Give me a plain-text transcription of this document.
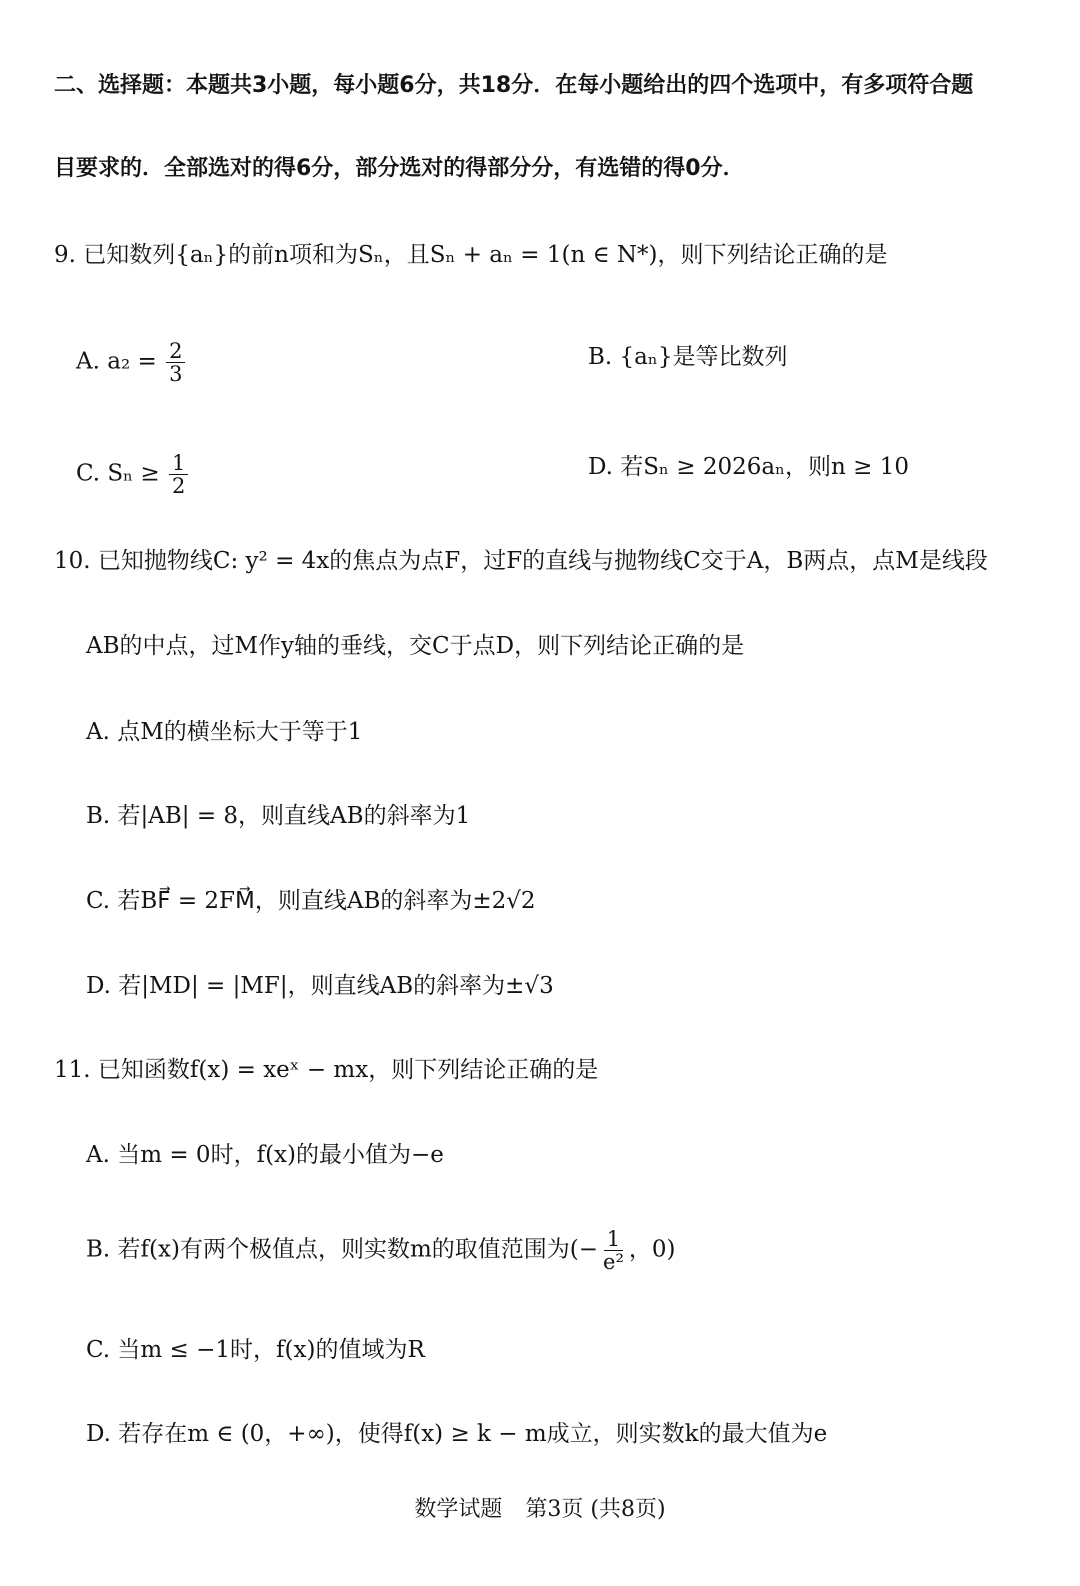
二、选择题：本题共3小题，每小题6分，共18分．在每小题给出的四个选项中，有多项符合题
目要求的．全部选对的得6分，部分选对的得部分分，有选错的得0分．
9. 已知数列{aₙ}的前n项和为Sₙ，且Sₙ + aₙ = 1(n ∈ N*)，则下列结论正确的是
A. $a_2 = \frac{2}{3}$	B. {aₙ}是等比数列
C. $S_n \ge \frac{1}{2}$	D. 若Sₙ ≥ 2026aₙ，则n ≥ 10
10. 已知抛物线C: y² = 4x的焦点为点F，过F的直线与抛物线C交于A，B两点，点M是线段
AB的中点，过M作y轴的垂线，交C于点D，则下列结论正确的是
A. 点M的横坐标大于等于1
B. 若|AB| = 8，则直线AB的斜率为1
C. 若BF⃗ = 2FM⃗，则直线AB的斜率为±2√2
D. 若|MD| = |MF|，则直线AB的斜率为±√3
11. 已知函数f(x) = xeˣ − mx，则下列结论正确的是
A. 当m = 0时，f(x)的最小值为−e
B. 若f(x)有两个极值点，则实数m的取值范围为(− $\frac{1}{\text{e²}}$ ，0)
C. 当m ≤ −1时，f(x)的值域为R
D. 若存在m ∈ (0，+∞)，使得f(x) ≥ k − m成立，则实数k的最大值为e
数学试题 第3页 (共8页)
